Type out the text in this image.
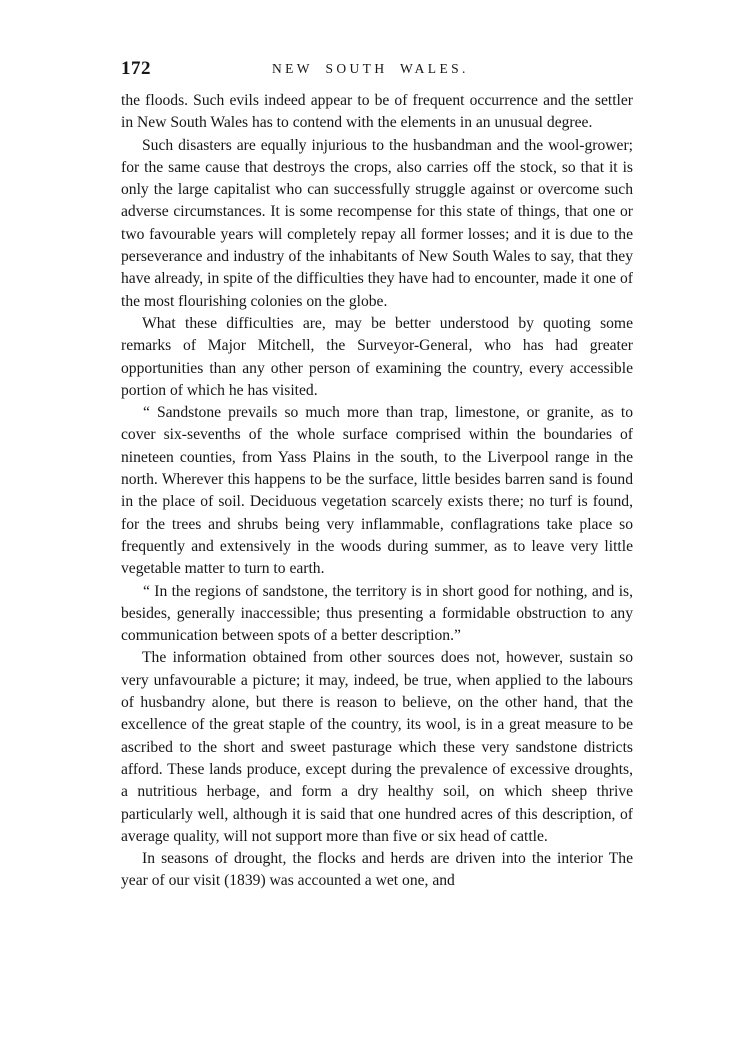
172	NEW SOUTH WALES.

the floods. Such evils indeed appear to be of frequent occurrence and the settler in New South Wales has to contend with the elements in an unusual degree.

Such disasters are equally injurious to the husbandman and the wool-grower; for the same cause that destroys the crops, also carries off the stock, so that it is only the large capitalist who can successfully struggle against or overcome such adverse circumstances. It is some recompense for this state of things, that one or two favourable years will completely repay all former losses; and it is due to the perseverance and industry of the inhabitants of New South Wales to say, that they have already, in spite of the difficulties they have had to encounter, made it one of the most flourishing colonies on the globe.

What these difficulties are, may be better understood by quoting some remarks of Major Mitchell, the Surveyor-General, who has had greater opportunities than any other person of examining the country, every accessible portion of which he has visited.

“ Sandstone prevails so much more than trap, limestone, or granite, as to cover six-sevenths of the whole surface comprised within the boundaries of nineteen counties, from Yass Plains in the south, to the Liverpool range in the north. Wherever this happens to be the surface, little besides barren sand is found in the place of soil. Deciduous vegetation scarcely exists there; no turf is found, for the trees and shrubs being very inflammable, conflagrations take place so frequently and extensively in the woods during summer, as to leave very little vegetable matter to turn to earth.

“ In the regions of sandstone, the territory is in short good for nothing, and is, besides, generally inaccessible; thus presenting a formidable obstruction to any communication between spots of a better description.”

The information obtained from other sources does not, however, sustain so very unfavourable a picture; it may, indeed, be true, when applied to the labours of husbandry alone, but there is reason to believe, on the other hand, that the excellence of the great staple of the country, its wool, is in a great measure to be ascribed to the short and sweet pasturage which these very sandstone districts afford. These lands produce, except during the prevalence of excessive droughts, a nutritious herbage, and form a dry healthy soil, on which sheep thrive particularly well, although it is said that one hundred acres of this description, of average quality, will not support more than five or six head of cattle.

In seasons of drought, the flocks and herds are driven into the interior The year of our visit (1839) was accounted a wet one, and
